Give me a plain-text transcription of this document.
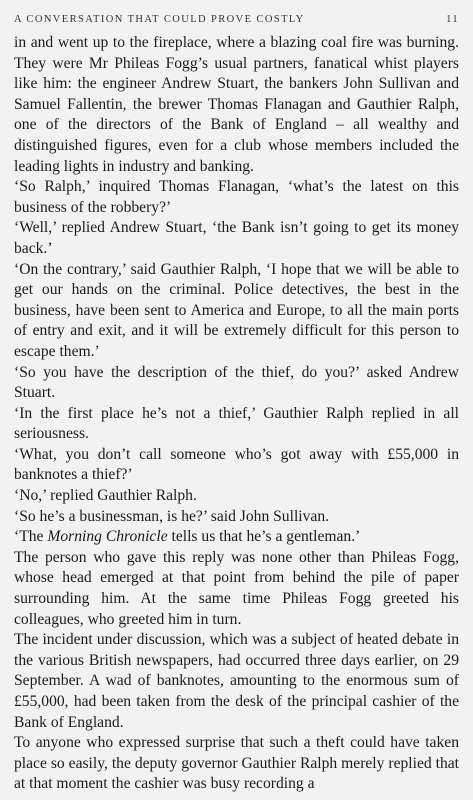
A CONVERSATION THAT COULD PROVE COSTLY	11

in and went up to the fireplace, where a blazing coal fire was burning. They were Mr Phileas Fogg’s usual partners, fanatical whist players like him: the engineer Andrew Stuart, the bankers John Sullivan and Samuel Fallentin, the brewer Thomas Flanagan and Gauthier Ralph, one of the directors of the Bank of England – all wealthy and distinguished figures, even for a club whose members included the leading lights in industry and banking.

‘So Ralph,’ inquired Thomas Flanagan, ‘what’s the latest on this business of the robbery?’

‘Well,’ replied Andrew Stuart, ‘the Bank isn’t going to get its money back.’

‘On the contrary,’ said Gauthier Ralph, ‘I hope that we will be able to get our hands on the criminal. Police detectives, the best in the business, have been sent to America and Europe, to all the main ports of entry and exit, and it will be extremely difficult for this person to escape them.’

‘So you have the description of the thief, do you?’ asked Andrew Stuart.

‘In the first place he’s not a thief,’ Gauthier Ralph replied in all seriousness.

‘What, you don’t call someone who’s got away with £55,000 in banknotes a thief?’

‘No,’ replied Gauthier Ralph.

‘So he’s a businessman, is he?’ said John Sullivan.

‘The Morning Chronicle tells us that he’s a gentleman.’

The person who gave this reply was none other than Phileas Fogg, whose head emerged at that point from behind the pile of paper surrounding him. At the same time Phileas Fogg greeted his colleagues, who greeted him in turn.

The incident under discussion, which was a subject of heated debate in the various British newspapers, had occurred three days earlier, on 29 September. A wad of banknotes, amounting to the enormous sum of £55,000, had been taken from the desk of the principal cashier of the Bank of England.

To anyone who expressed surprise that such a theft could have taken place so easily, the deputy governor Gauthier Ralph merely replied that at that moment the cashier was busy recording a
